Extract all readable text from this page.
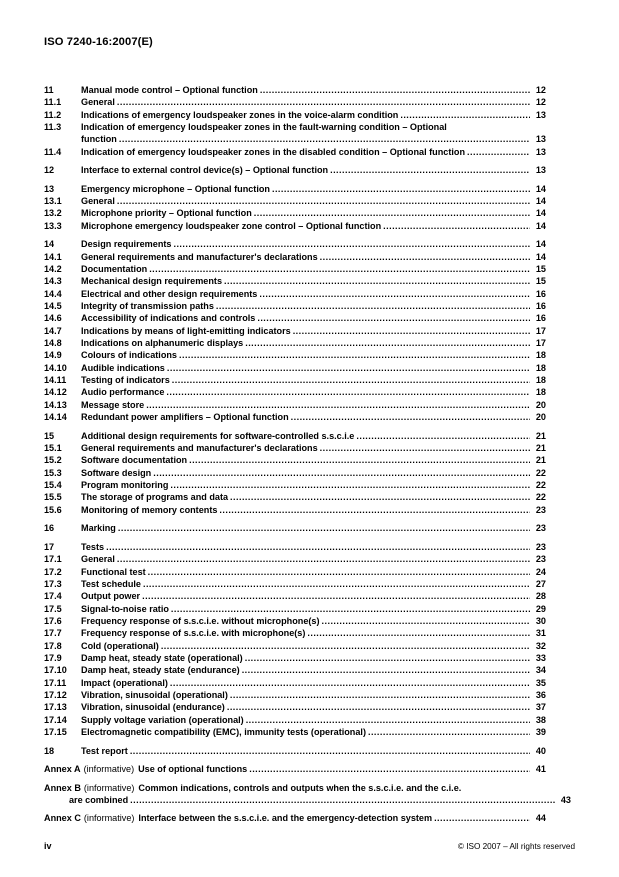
ISO 7240-16:2007(E)
11	Manual mode control – Optional function .....	12
11.1	General .....	12
11.2	Indications of emergency loudspeaker zones in the voice-alarm condition .....	13
11.3	Indication of emergency loudspeaker zones in the fault-warning condition – Optional
function .....	13
11.4	Indication of emergency loudspeaker zones in the disabled condition – Optional function .....	13
12	Interface to external control device(s) – Optional function .....	13
13	Emergency microphone – Optional function .....	14
13.1	General .....	14
13.2	Microphone priority – Optional function .....	14
13.3	Microphone emergency loudspeaker zone control – Optional function .....	14
14	Design requirements .....	14
14.1	General requirements and manufacturer's declarations .....	14
14.2	Documentation .....	15
14.3	Mechanical design requirements .....	15
14.4	Electrical and other design requirements .....	16
14.5	Integrity of transmission paths .....	16
14.6	Accessibility of indications and controls .....	16
14.7	Indications by means of light-emitting indicators .....	17
14.8	Indications on alphanumeric displays .....	17
14.9	Colours of indications .....	18
14.10	Audible indications .....	18
14.11	Testing of indicators .....	18
14.12	Audio performance .....	18
14.13	Message store .....	20
14.14	Redundant power amplifiers – Optional function .....	20
15	Additional design requirements for software-controlled s.s.c.i.e .....	21
15.1	General requirements and manufacturer's declarations .....	21
15.2	Software documentation .....	21
15.3	Software design .....	22
15.4	Program monitoring .....	22
15.5	The storage of programs and data .....	22
15.6	Monitoring of memory contents .....	23
16	Marking .....	23
17	Tests .....	23
17.1	General .....	23
17.2	Functional test .....	24
17.3	Test schedule .....	27
17.4	Output power .....	28
17.5	Signal-to-noise ratio .....	29
17.6	Frequency response of s.s.c.i.e. without microphone(s) .....	30
17.7	Frequency response of s.s.c.i.e. with microphone(s) .....	31
17.8	Cold (operational) .....	32
17.9	Damp heat, steady state (operational) .....	33
17.10	Damp heat, steady state (endurance) .....	34
17.11	Impact (operational) .....	35
17.12	Vibration, sinusoidal (operational) .....	36
17.13	Vibration, sinusoidal (endurance) .....	37
17.14	Supply voltage variation (operational) .....	38
17.15	Electromagnetic compatibility (EMC), immunity tests (operational) .....	39
18	Test report .....	40
Annex A (informative) Use of optional functions .....	41
Annex B (informative) Common indications, controls and outputs when the s.s.c.i.e. and the c.i.e.
are combined .....	43
Annex C (informative) Interface between the s.s.c.i.e. and the emergency-detection system .....	44
iv	© ISO 2007 – All rights reserved
